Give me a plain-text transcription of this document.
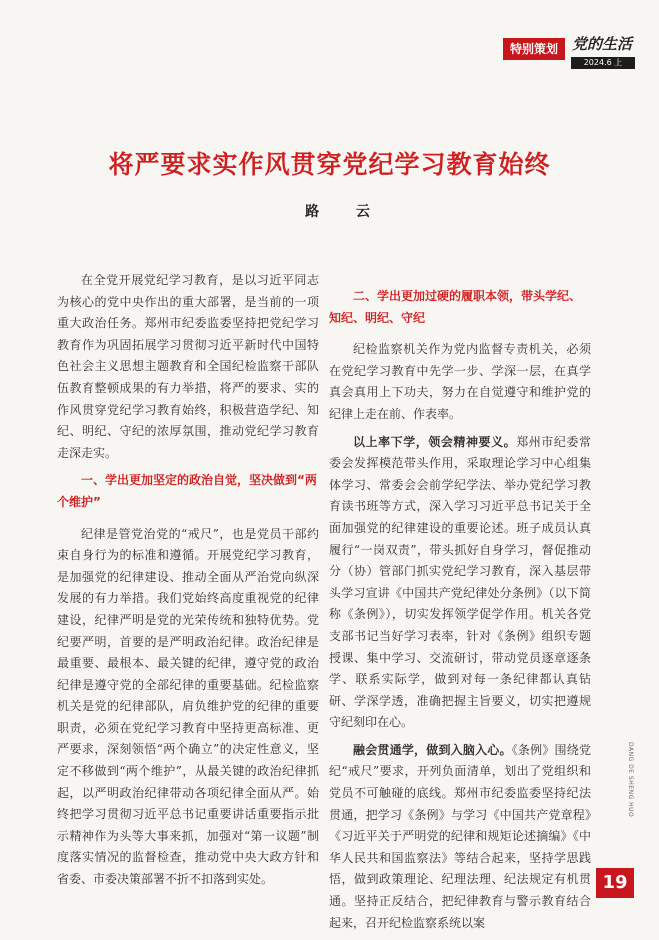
特别策划 党的生活
2024.6 上
将严要求实作风贯穿党纪学习教育始终
路 云

在全党开展党纪学习教育，是以习近平同志为核心的党中央作出的重大部署，是当前的一项重大政治任务。郑州市纪委监委坚持把党纪学习教育作为巩固拓展学习贯彻习近平新时代中国特色社会主义思想主题教育和全国纪检监察干部队伍教育整顿成果的有力举措，将严的要求、实的作风贯穿党纪学习教育始终，积极营造学纪、知纪、明纪、守纪的浓厚氛围，推动党纪学习教育走深走实。

一、学出更加坚定的政治自觉，坚决做到“两个维护”

纪律是管党治党的“戒尺”，也是党员干部约束自身行为的标准和遵循。开展党纪学习教育，是加强党的纪律建设、推动全面从严治党向纵深发展的有力举措。我们党始终高度重视党的纪律建设，纪律严明是党的光荣传统和独特优势。党纪要严明，首要的是严明政治纪律。政治纪律是最重要、最根本、最关键的纪律，遵守党的政治纪律是遵守党的全部纪律的重要基础。纪检监察机关是党的纪律部队，肩负维护党的纪律的重要职责，必须在党纪学习教育中坚持更高标准、更严要求，深刻领悟“两个确立”的决定性意义，坚定不移做到“两个维护”，从最关键的政治纪律抓起，以严明政治纪律带动各项纪律全面从严。始终把学习贯彻习近平总书记重要讲话重要指示批示精神作为头等大事来抓，加强对“第一议题”制度落实情况的监督检查，推动党中央大政方针和省委、市委决策部署不折不扣落到实处。

二、学出更加过硬的履职本领，带头学纪、知纪、明纪、守纪

纪检监察机关作为党内监督专责机关，必须在党纪学习教育中先学一步、学深一层，在真学真会真用上下功夫，努力在自觉遵守和维护党的纪律上走在前、作表率。

以上率下学，领会精神要义。郑州市纪委常委会发挥模范带头作用，采取理论学习中心组集体学习、常委会会前学纪学法、举办党纪学习教育读书班等方式，深入学习习近平总书记关于全面加强党的纪律建设的重要论述。班子成员认真履行“一岗双责”，带头抓好自身学习，督促推动分（协）管部门抓实党纪学习教育，深入基层带头学习宣讲《中国共产党纪律处分条例》（以下简称《条例》），切实发挥领学促学作用。机关各党支部书记当好学习表率，针对《条例》组织专题授课、集中学习、交流研讨，带动党员逐章逐条学、联系实际学，做到对每一条纪律都认真钻研、学深学透，准确把握主旨要义，切实把遵规守纪刻印在心。

融会贯通学，做到入脑入心。《条例》围绕党纪“戒尺”要求，开列负面清单，划出了党组织和党员不可触碰的底线。郑州市纪委监委坚持纪法贯通，把学习《条例》与学习《中国共产党章程》《习近平关于严明党的纪律和规矩论述摘编》《中华人民共和国监察法》等结合起来，坚持学思践悟，做到政策理论、纪理法理、纪法规定有机贯通。坚持正反结合，把纪律教育与警示教育结合起来，召开纪检监察系统以案

DANG DE SHENG HUO
19
